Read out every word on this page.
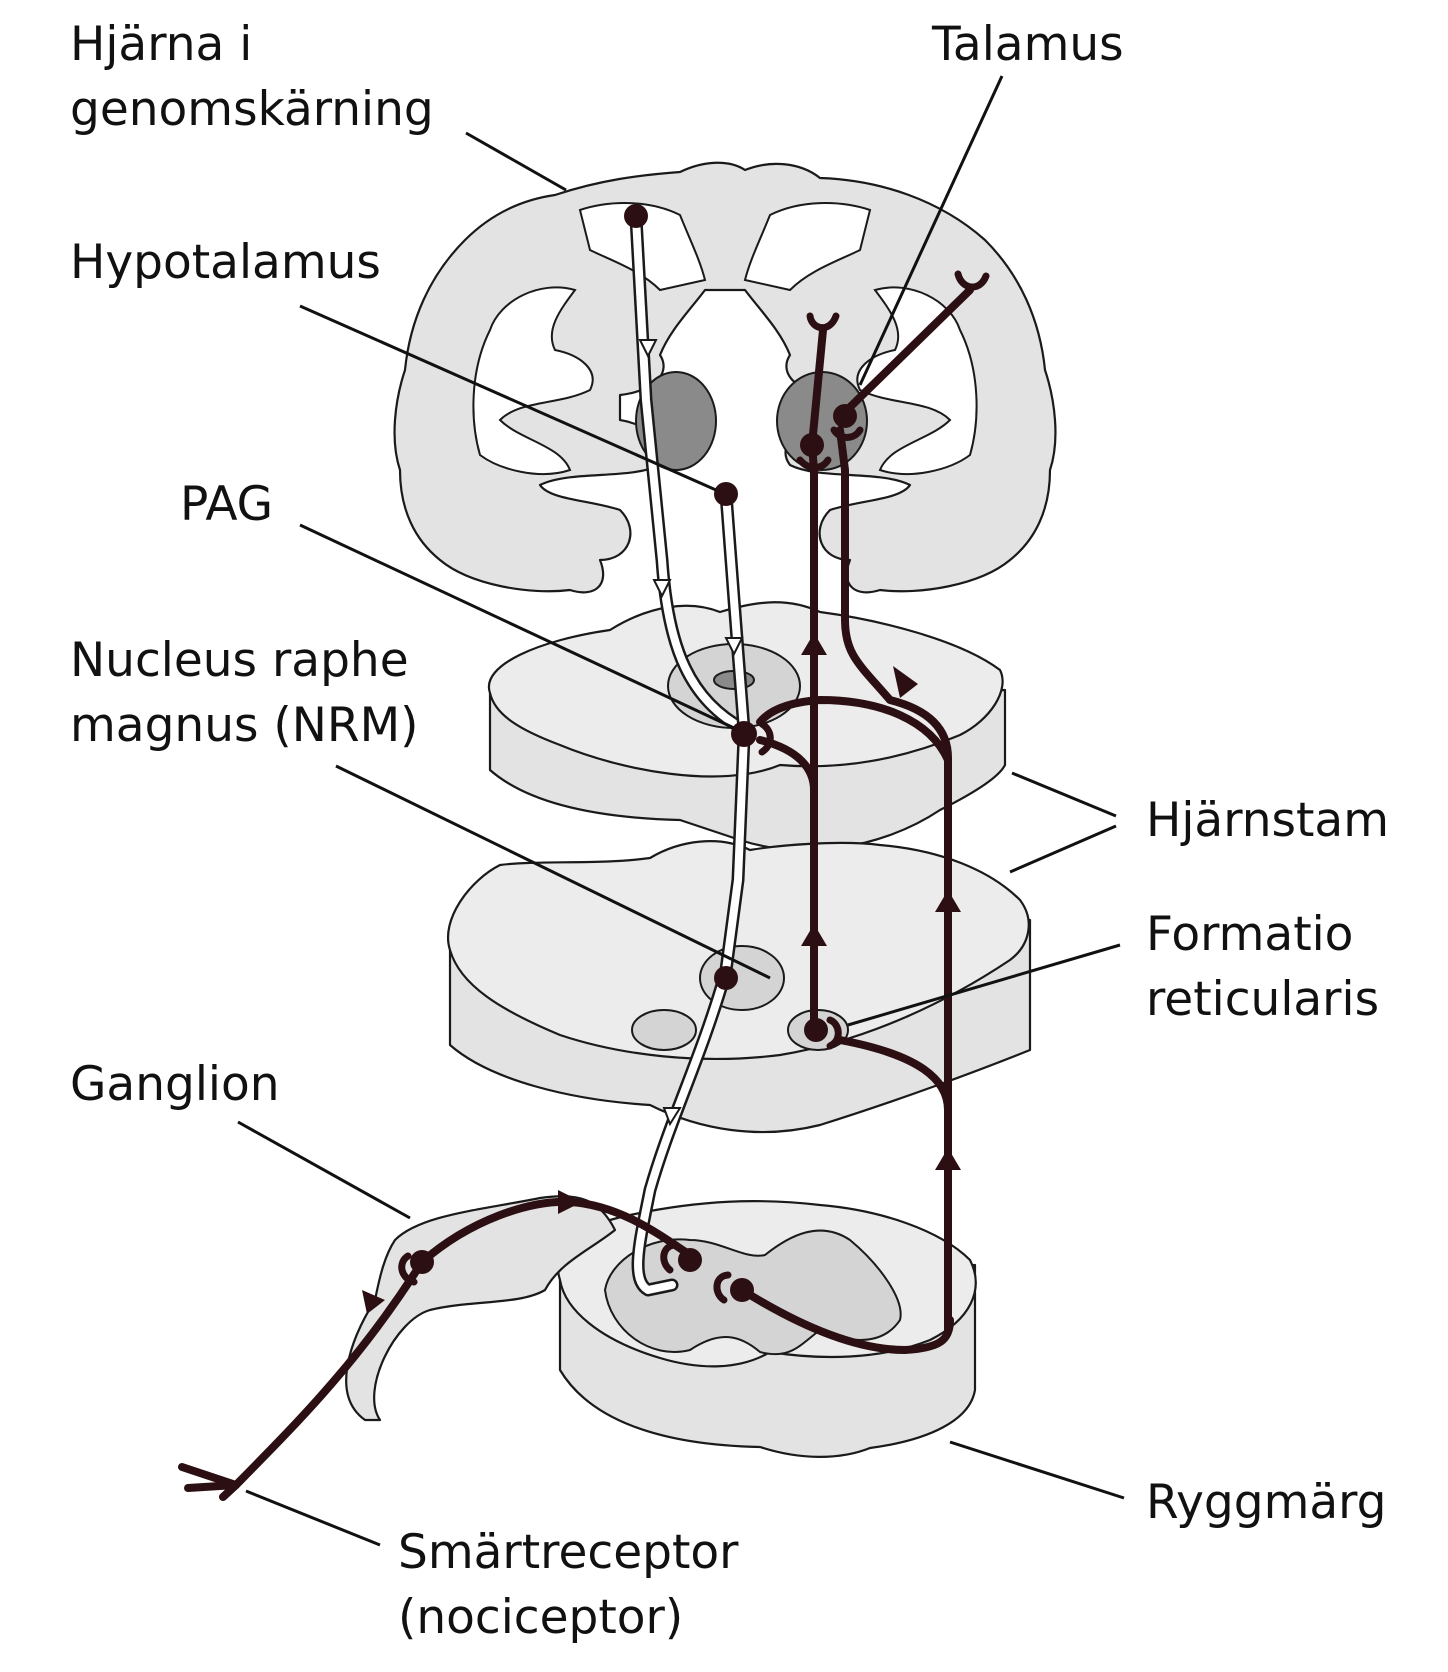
Hjärna i genomskärning
Talamus
Hypotalamus
PAG
Nucleus raphe magnus (NRM)
Hjärnstam
Formatio reticularis
Ganglion
Ryggmärg
Smärtreceptor (nociceptor)
